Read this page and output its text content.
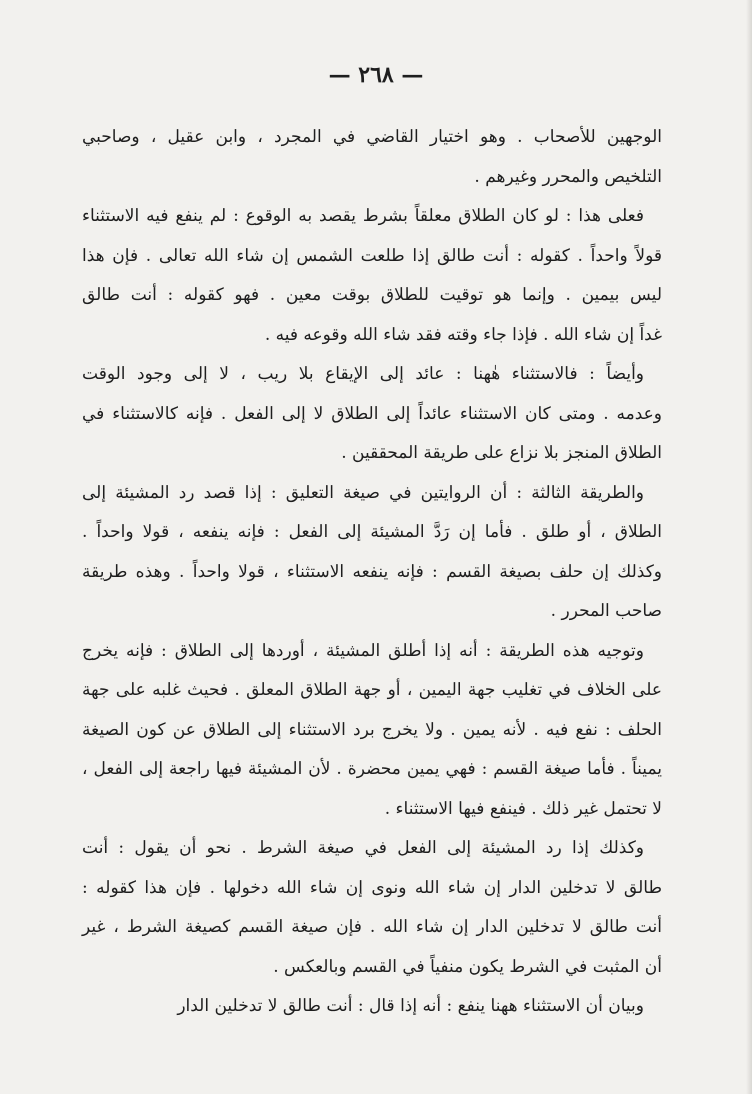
— ٢٦٨ —
الوجهين للأصحاب . وهو اختيار القاضي في المجرد ، وابن عقيل ، وصاحبي
التلخيص والمحرر وغيرهم .
فعلى هذا : لو كان الطلاق معلقاً بشرط يقصد به الوقوع : لم ينفع فيه الاستثناء
قولاً واحداً . كقوله : أنت طالق إذا طلعت الشمس إن شاء الله تعالى . فإن هذا
ليس بيمين . وإنما هو توقيت للطلاق بوقت معين . فهو كقوله : أنت طالق
غداً إن شاء الله . فإذا جاء وقته فقد شاء الله وقوعه فيه .
وأيضاً : فالاستثناء هٰهنا : عائد إلى الإيقاع بلا ريب ، لا إلى وجود الوقت
وعدمه . ومتى كان الاستثناء عائداً إلى الطلاق لا إلى الفعل . فإنه كالاستثناء في
الطلاق المنجز بلا نزاع على طريقة المحققين .
والطريقة الثالثة : أن الروايتين في صيغة التعليق : إذا قصد رد المشيئة إلى
الطلاق ، أو طلق . فأما إن رَدَّ المشيئة إلى الفعل : فإنه ينفعه ، قولا واحداً .
وكذلك إن حلف بصيغة القسم : فإنه ينفعه الاستثناء ، قولا واحداً . وهذه طريقة
صاحب المحرر .
وتوجيه هذه الطريقة : أنه إذا أطلق المشيئة ، أوردها إلى الطلاق : فإنه يخرج
على الخلاف في تغليب جهة اليمين ، أو جهة الطلاق المعلق . فحيث غلبه على جهة
الحلف : نفع فيه . لأنه يمين . ولا يخرج برد الاستثناء إلى الطلاق عن كون الصيغة
يميناً . فأما صيغة القسم : فهي يمين محضرة . لأن المشيئة فيها راجعة إلى الفعل ،
لا تحتمل غير ذلك . فينفع فيها الاستثناء .
وكذلك إذا رد المشيئة إلى الفعل في صيغة الشرط . نحو أن يقول : أنت
طالق لا تدخلين الدار إن شاء الله ونوى إن شاء الله دخولها . فإن هذا كقوله :
أنت طالق لا تدخلين الدار إن شاء الله . فإن صيغة القسم كصيغة الشرط ، غير
أن المثبت في الشرط يكون منفياً في القسم وبالعكس .
وبيان أن الاستثناء ههنا ينفع : أنه إذا قال : أنت طالق لا تدخلين الدار
